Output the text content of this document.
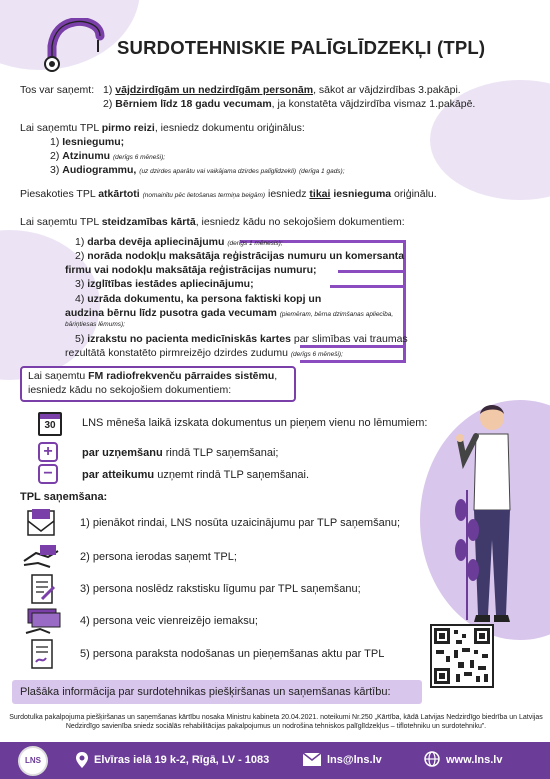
SURDOTEHNISKIE PALĪGLĪDZEKĻI (TPL)
Tos var saņemt: 1) vājdzirdīgām un nedzirdīgām personām, sākot ar vājdzirdības 3.pakāpi.
2) Bērniem līdz 18 gadu vecumam, ja konstatēta vājdzirdība vismaz 1.pakāpē.
Lai saņemtu TPL pirmo reizi, iesniedz dokumentu oriģinālus:
1) Iesniegumu;
2) Atzinumu (derīgs 6 mēneši);
3) Audiogrammu, (uz dzirdes aparātu vai vaikājama dzirdes palīglīdzekli) (derīga 1 gads);
Piesakoties TPL atkārtoti (nomainītu pēc lietošanas termiņa beigām) iesniedz tikai iesnieguma oriģinālu.
Lai saņemtu TPL steidzamības kārtā, iesniedz kādu no sekojošiem dokumentiem:
1) darba devēja apliecinājumu (derīgs 1 mēnesis);
2) norāda nodokļu maksātāja reģistrācijas numuru un komersanta
firmu vai nodokļu maksātāja reģistrācijas numuru;
3) izglītības iestādes apliecinājumu;
4) uzrāda dokumentu, ka persona faktiski kopj un
audzina bērnu līdz pusotra gada vecumam (piemēram, bērna dzimšanas apliecība,
bāriņtiesas lēmums);
5) izrakstu no pacienta medicīniskās kartes par slimības vai traumas
rezultātā konstatēto pirmreizējo dzirdes zudumu (derīgs 6 mēneši);
Lai saņemtu FM radiofrekvenču pārraides sistēmu,
iesniedz kādu no sekojošiem dokumentiem:
30	LNS mēneša laikā izskata dokumentus un pieņem vienu no lēmumiem:
+	par uzņemšanu rindā TLP saņemšanai;
−	par atteikumu uzņemt rindā TLP saņemšanai.
TPL saņemšana:
1) pienākot rindai, LNS nosūta uzaicinājumu par TLP saņemšanu;
2) persona ierodas saņemt TPL;
3) persona noslēdz rakstisku līgumu par TPL saņemšanu;
4) persona veic vienreizējo iemaksu;
5) persona paraksta nodošanas un pieņemšanas aktu par TPL
Plašāka informācija par surdotehnikas piešķiršanas un saņemšanas kārtību:
Surdotulka pakalpojuma piešķiršanas un saņemšanas kārtību nosaka Ministru kabineta 20.04.2021. noteikumi Nr.250 „Kārtība, kādā Latvijas Nedzirdīgo biedrība un Latvijas Nedzirdīgo savienība sniedz sociālās rehabilitācijas pakalpojumus un nodrošina tehniskos palīglīdzekļus – tiflotehniku un surdotehniku”.
LNS	Elvīras ielā 19 k-2, Rīgā, LV - 1083	lns@lns.lv	www.lns.lv
